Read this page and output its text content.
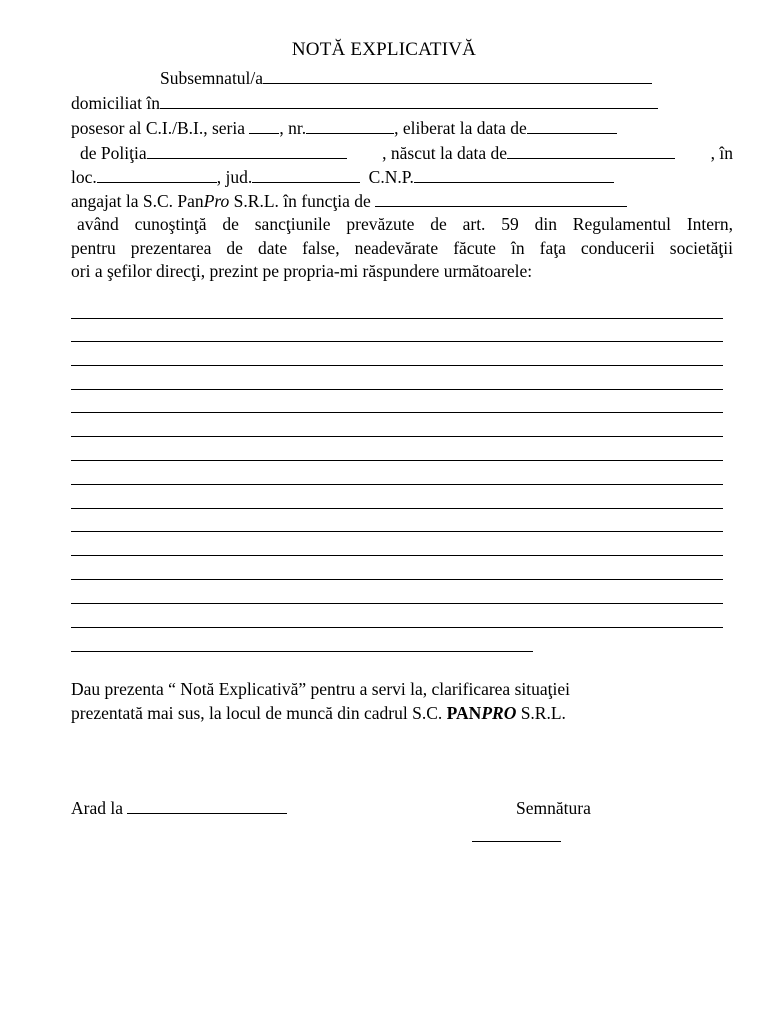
NOTĂ EXPLICATIVĂ
Subsemnatul/a
domiciliat în
posesor al C.I./B.I., seria , nr.	, eliberat la data de
de Poliţia	, născut la data de	, în
loc.	, jud.	C.N.P.
angajat la S.C. PanPro S.R.L. în funcţia de
având cunoştinţă de sancţiunile prevăzute de art. 59 din Regulamentul Intern,
pentru prezentarea de date false, neadevărate făcute în faţa conducerii societăţii
ori a şefilor direcţi, prezint pe propria-mi răspundere următoarele:
Dau prezenta “ Notă Explicativă” pentru a servi la, clarificarea situaţiei
prezentată mai sus, la locul de muncă din cadrul S.C. PANPRO S.R.L.
Arad la	Semnătura
